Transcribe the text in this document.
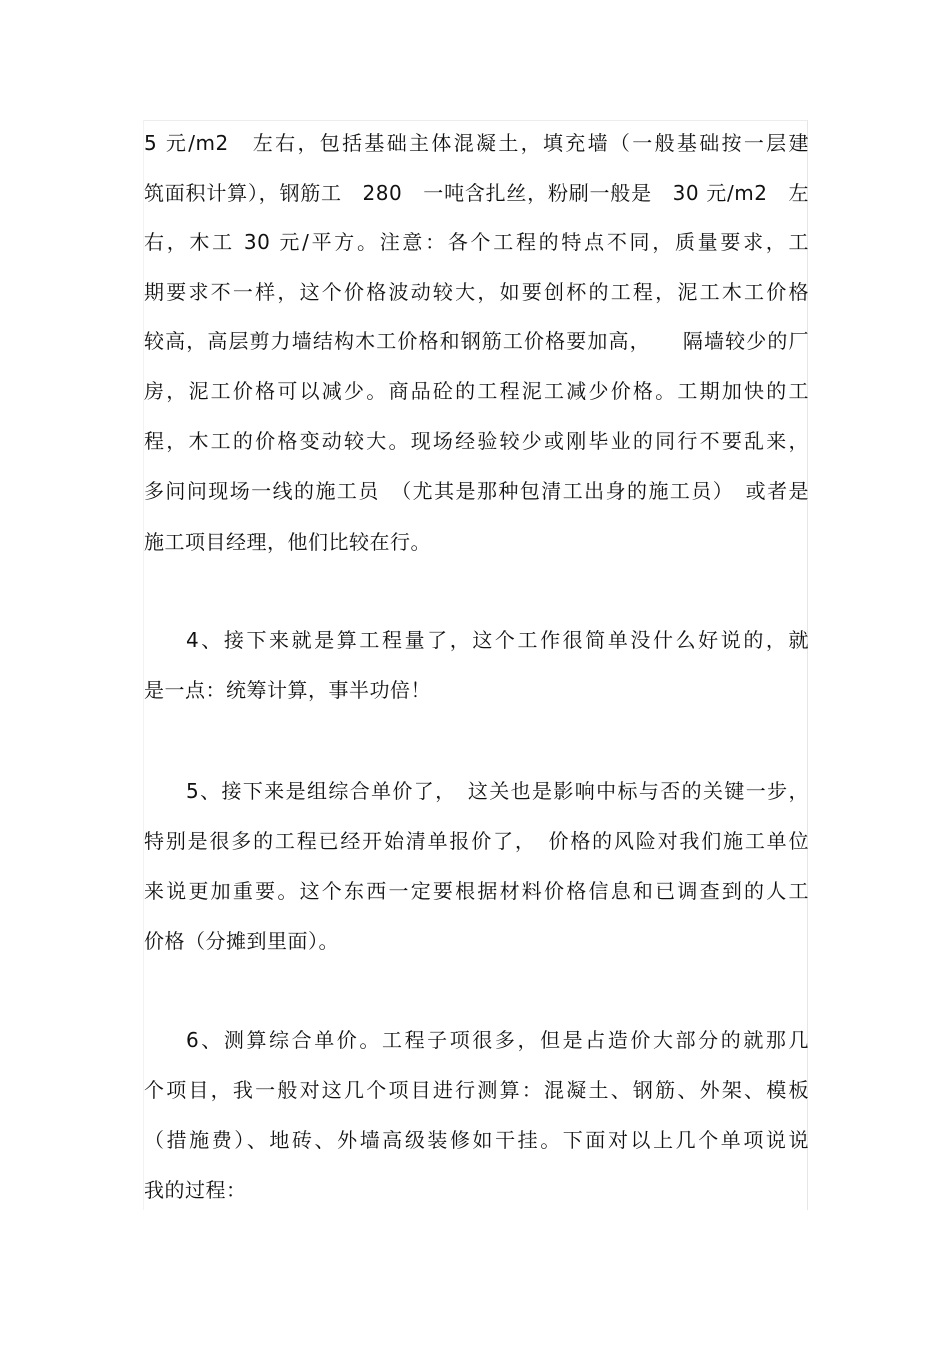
5 元/m2　左右，包括基础主体混凝土，填充墙（一般基础按一层建
筑面积计算），钢筋工　280　一吨含扎丝，粉刷一般是　30 元/m2　左
右，木工 30 元/平方。注意：各个工程的特点不同，质量要求，工
期要求不一样，这个价格波动较大，如要创杯的工程，泥工木工价格
较高，高层剪力墙结构木工价格和钢筋工价格要加高，　　隔墙较少的厂
房，泥工价格可以减少。商品砼的工程泥工减少价格。工期加快的工
程，木工的价格变动较大。现场经验较少或刚毕业的同行不要乱来，
多问问现场一线的施工员　（尤其是那种包清工出身的施工员）　或者是
施工项目经理，他们比较在行。
4、接下来就是算工程量了，这个工作很简单没什么好说的，就
是一点：统筹计算，事半功倍！
5、接下来是组综合单价了，　这关也是影响中标与否的关键一步，
特别是很多的工程已经开始清单报价了，　价格的风险对我们施工单位
来说更加重要。这个东西一定要根据材料价格信息和已调查到的人工
价格（分摊到里面）。
6、测算综合单价。工程子项很多，但是占造价大部分的就那几
个项目，我一般对这几个项目进行测算：混凝土、钢筋、外架、模板
（措施费）、地砖、外墙高级装修如干挂。下面对以上几个单项说说
我的过程：
